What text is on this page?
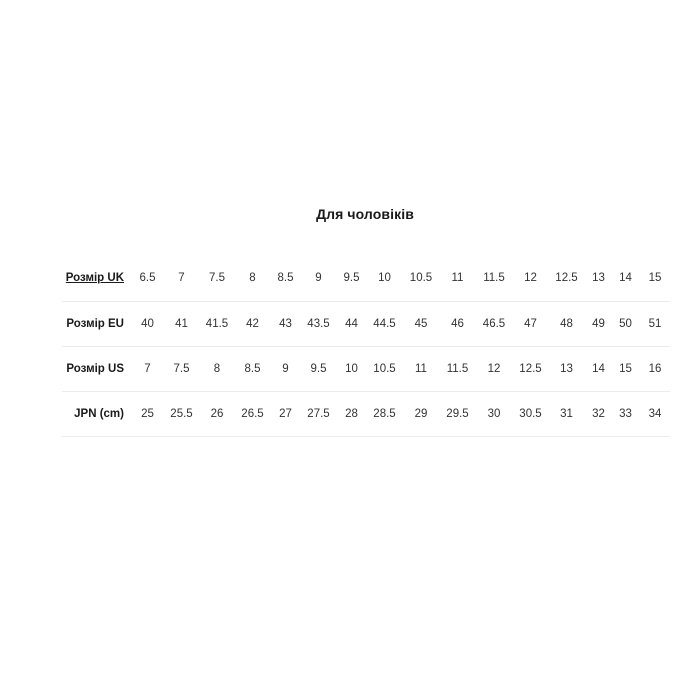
Для чоловіків
Розмір UK	6.5	7	7.5	8	8.5	9	9.5	10	10.5	11	11.5	12	12.5	13	14	15
Розмір EU	40	41	41.5	42	43	43.5	44	44.5	45	46	46.5	47	48	49	50	51
Розмір US	7	7.5	8	8.5	9	9.5	10	10.5	11	11.5	12	12.5	13	14	15	16
JPN (cm)	25	25.5	26	26.5	27	27.5	28	28.5	29	29.5	30	30.5	31	32	33	34
